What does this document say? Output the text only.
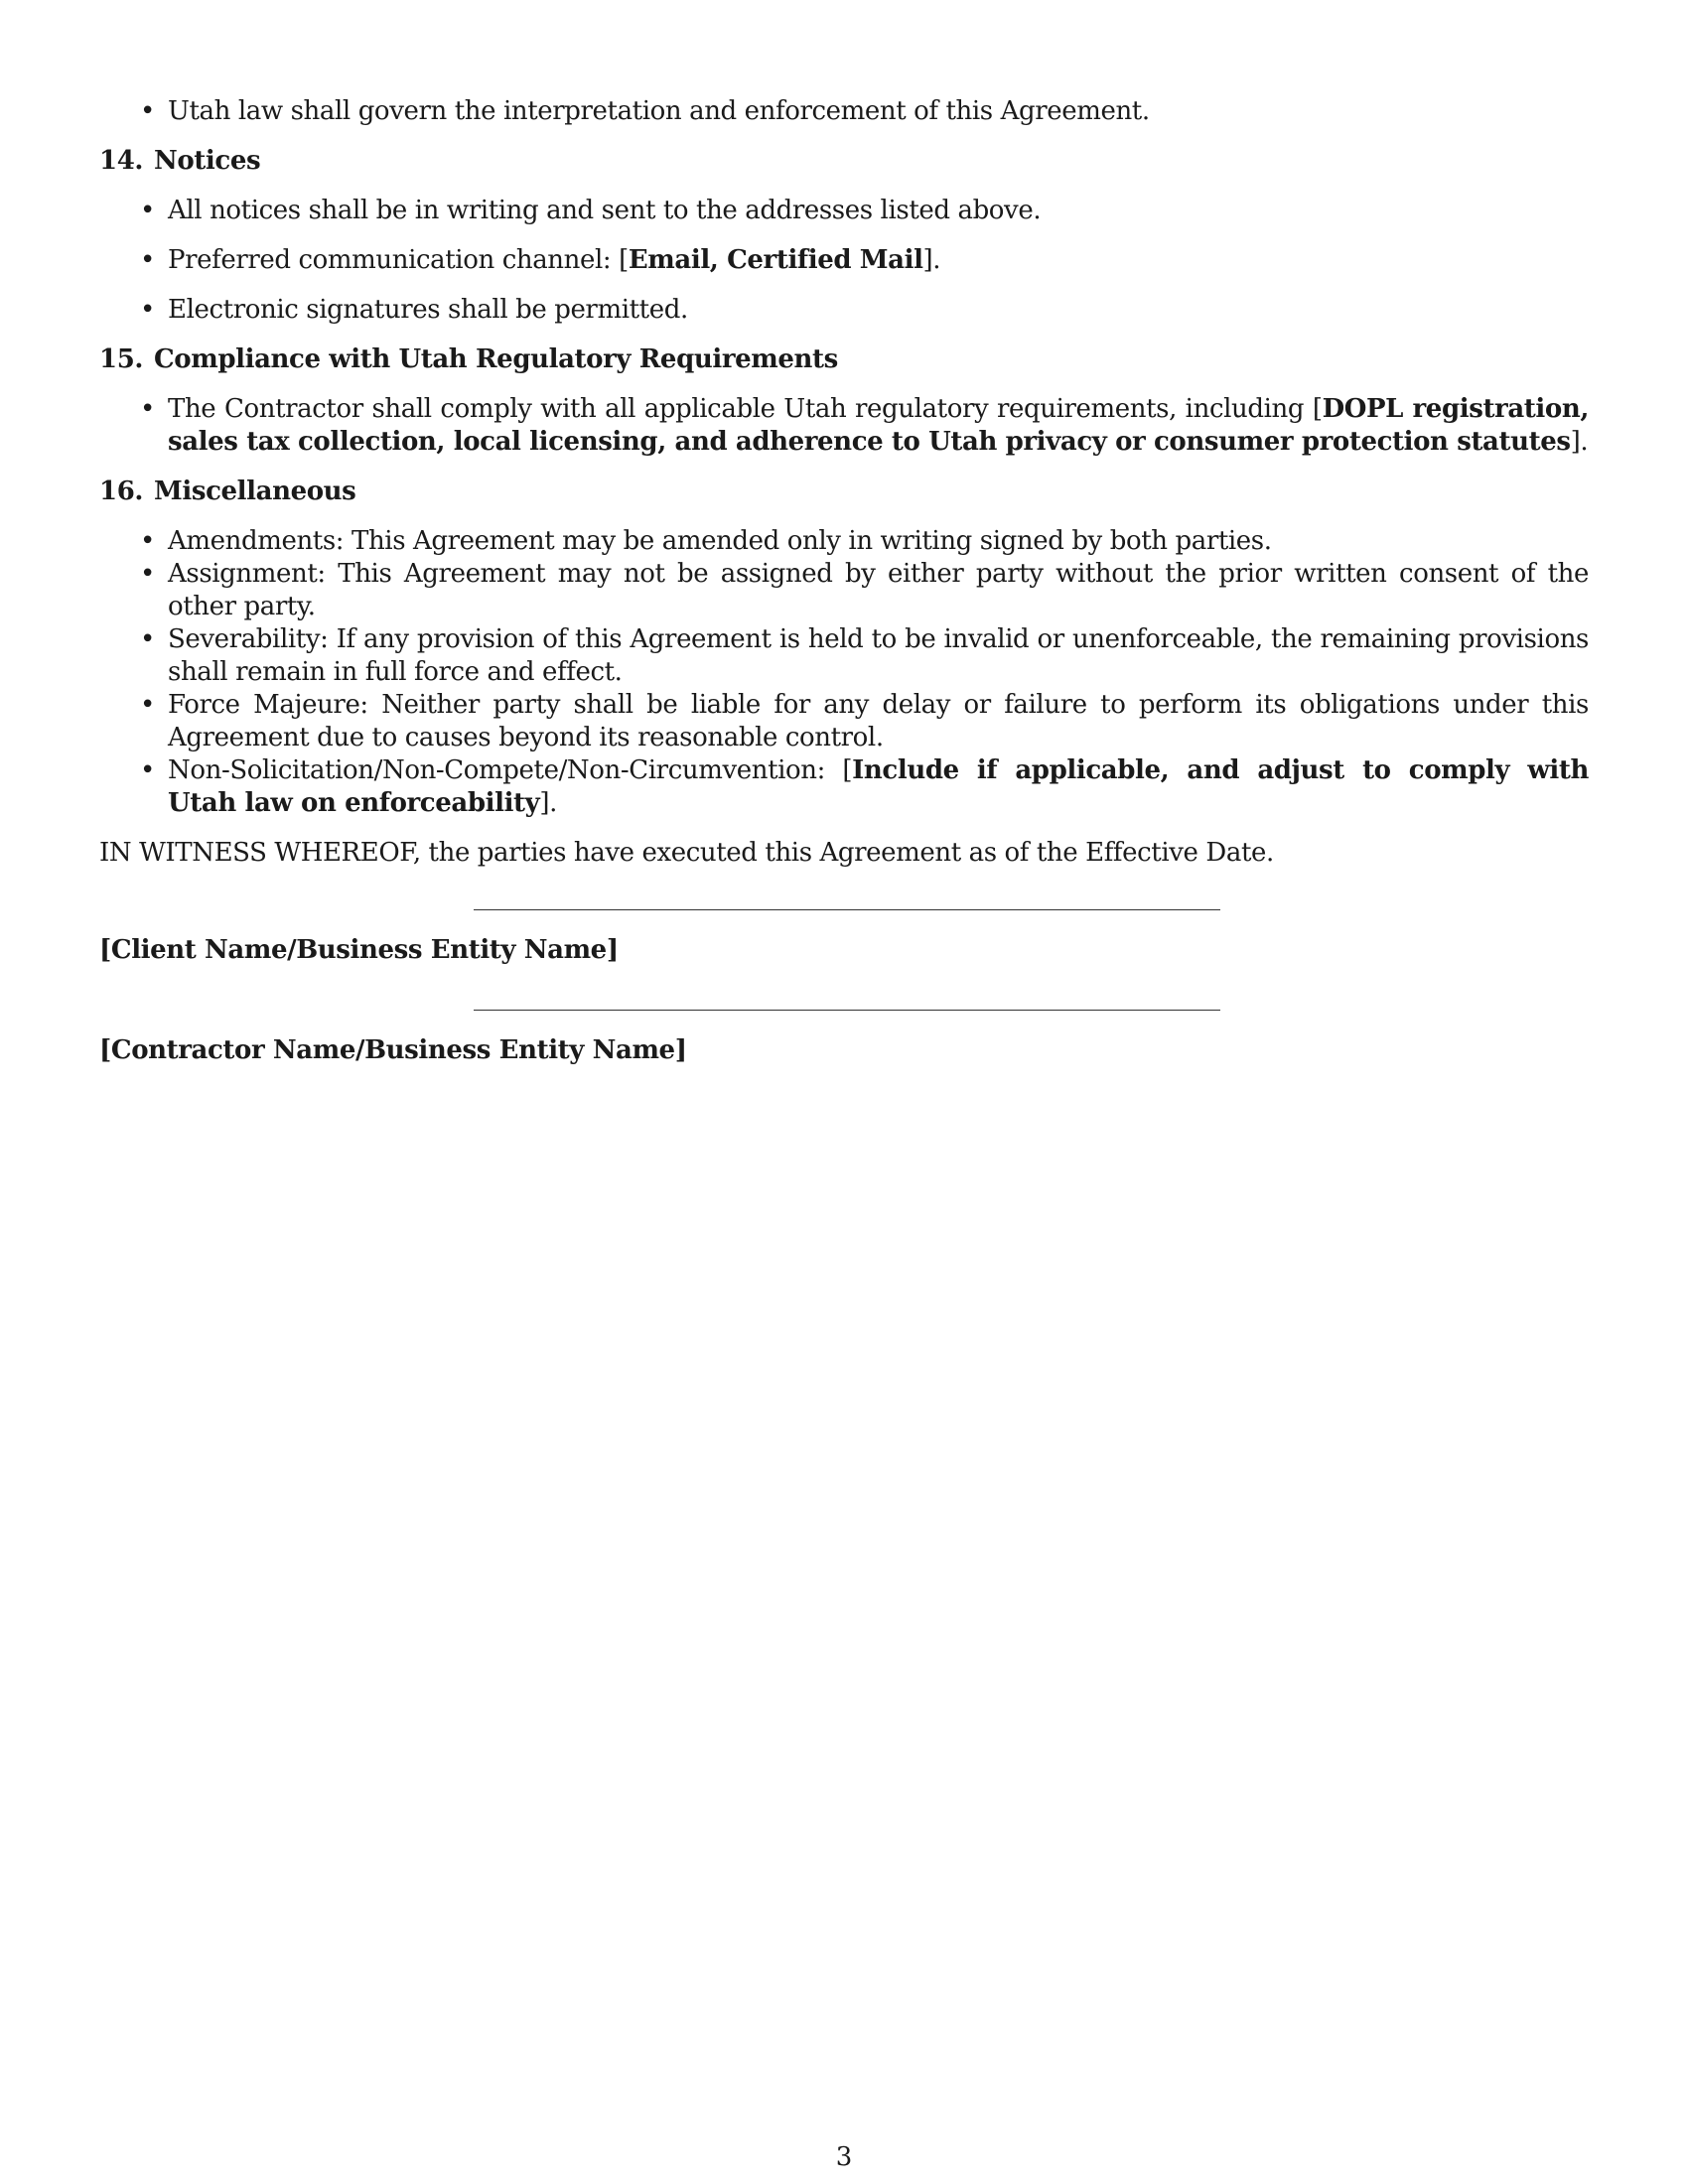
• Utah law shall govern the interpretation and enforcement of this Agreement.
14. Notices
• All notices shall be in writing and sent to the addresses listed above.
• Preferred communication channel: [Email, Certified Mail].
• Electronic signatures shall be permitted.
15. Compliance with Utah Regulatory Requirements
• The Contractor shall comply with all applicable Utah regulatory requirements, including [DOPL registration, sales tax collection, local licensing, and adherence to Utah privacy or consumer protection statutes].
16. Miscellaneous
• Amendments: This Agreement may be amended only in writing signed by both parties.
• Assignment: This Agreement may not be assigned by either party without the prior written consent of the other party.
• Severability: If any provision of this Agreement is held to be invalid or unenforceable, the remaining provisions shall remain in full force and effect.
• Force Majeure: Neither party shall be liable for any delay or failure to perform its obligations under this Agreement due to causes beyond its reasonable control.
• Non-Solicitation/Non-Compete/Non-Circumvention: [Include if applicable, and adjust to comply with Utah law on enforceability].
IN WITNESS WHEREOF, the parties have executed this Agreement as of the Effective Date.
[Client Name/Business Entity Name]
[Contractor Name/Business Entity Name]
3
